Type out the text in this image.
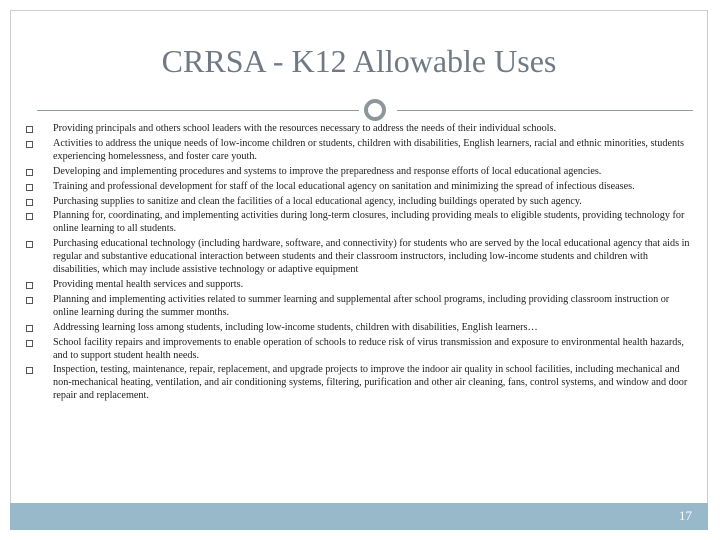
CRRSA - K12 Allowable Uses
Providing principals and others school leaders with the resources necessary to address the needs of their individual schools.
Activities to address the unique needs of low-income children or students, children with disabilities, English learners, racial and ethnic minorities, students experiencing homelessness, and foster care youth.
Developing and implementing procedures and systems to improve the preparedness and response efforts of local educational agencies.
Training and professional development for staff of the local educational agency on sanitation and minimizing the spread of infectious diseases.
Purchasing supplies to sanitize and clean the facilities of a local educational agency, including buildings operated by such agency.
Planning for, coordinating, and implementing activities during long-term closures, including providing meals to eligible students, providing technology for online learning to all students.
Purchasing educational technology (including hardware, software, and connectivity) for students who are served by the local educational agency that aids in regular and substantive educational interaction between students and their classroom instructors, including low-income students and children with disabilities, which may include assistive technology or adaptive equipment
Providing mental health services and supports.
Planning and implementing activities related to summer learning and supplemental after school programs, including providing classroom instruction or online learning during the summer months.
Addressing learning loss among students, including low-income students, children with disabilities, English learners…
School facility repairs and improvements to enable operation of schools to reduce risk of virus transmission and exposure to environmental health hazards, and to support student health needs.
Inspection, testing, maintenance, repair, replacement, and upgrade projects to improve the indoor air quality in school facilities, including mechanical and non-mechanical heating, ventilation, and air conditioning systems, filtering, purification and other air cleaning, fans, control systems, and window and door repair and replacement.
17
